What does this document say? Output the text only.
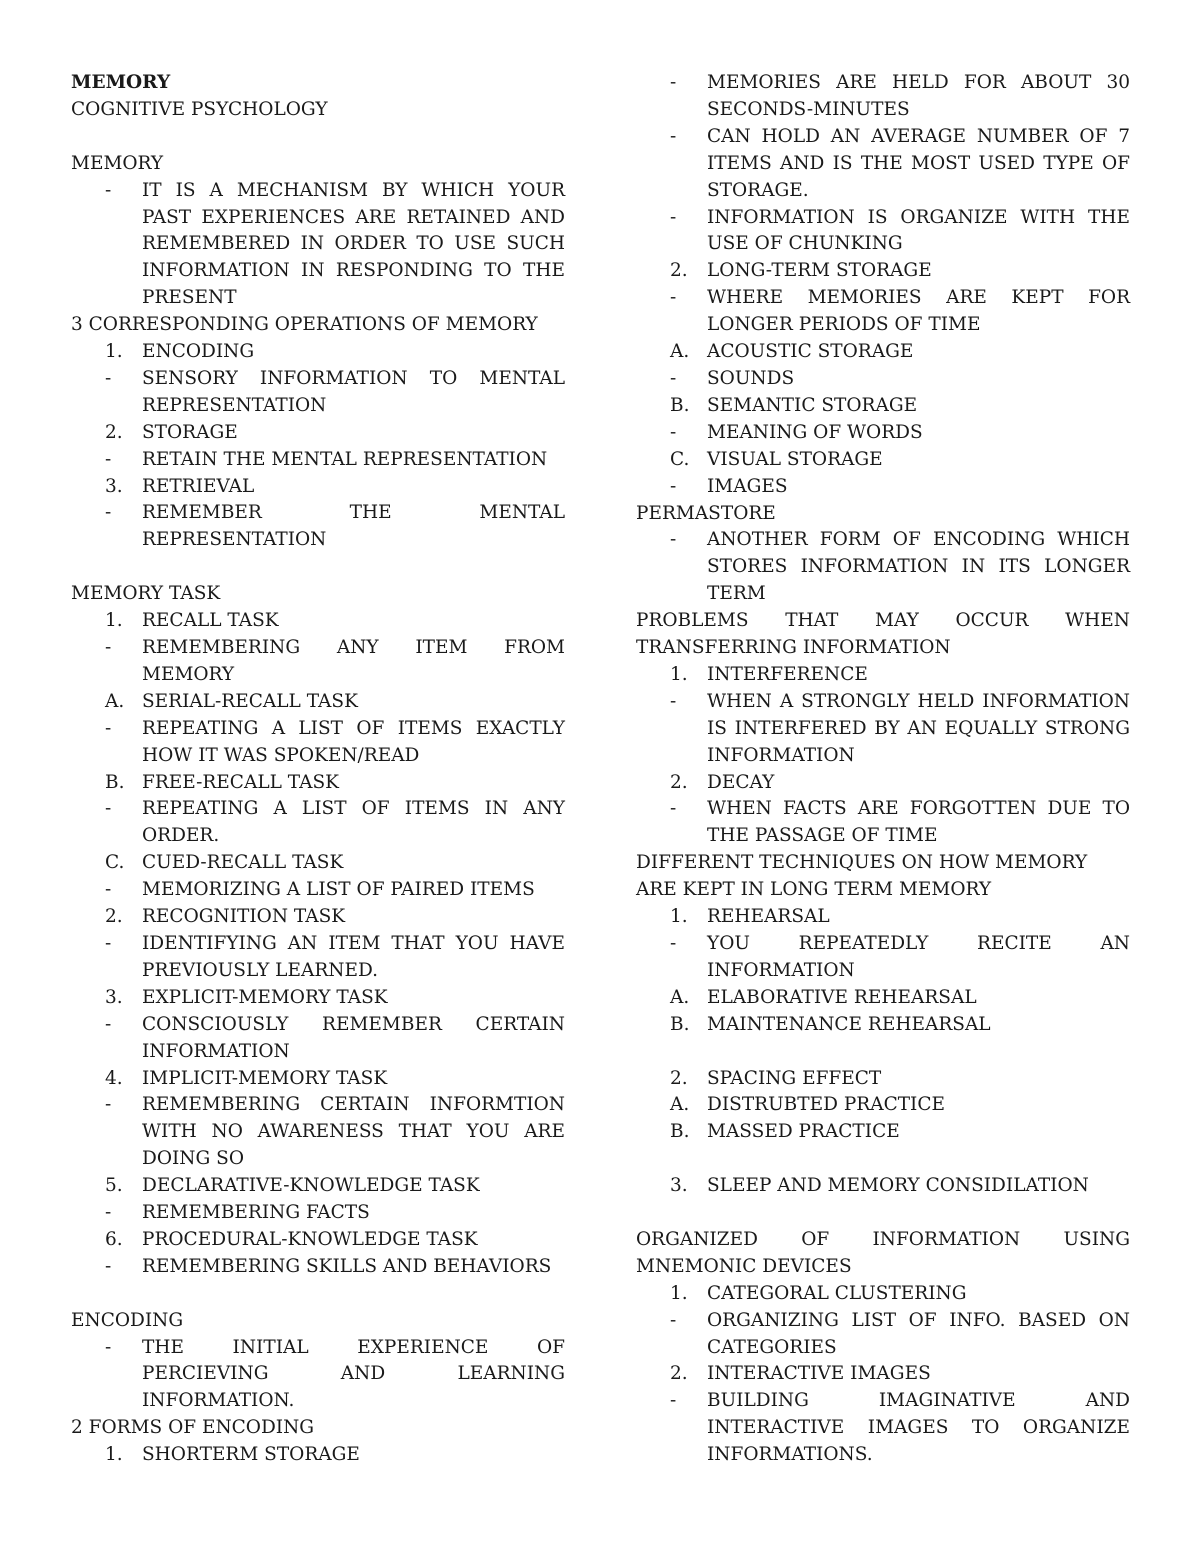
MEMORY
COGNITIVE PSYCHOLOGY
MEMORY
-	IT IS A MECHANISM BY WHICH YOUR PAST EXPERIENCES ARE RETAINED AND REMEMBERED IN ORDER TO USE SUCH INFORMATION IN RESPONDING TO THE PRESENT
3 CORRESPONDING OPERATIONS OF MEMORY
1.	ENCODING
-	SENSORY INFORMATION TO MENTAL REPRESENTATION
2.	STORAGE
-	RETAIN THE MENTAL REPRESENTATION
3.	RETRIEVAL
-	REMEMBER THE MENTAL REPRESENTATION
MEMORY TASK
1.	RECALL TASK
-	REMEMBERING ANY ITEM FROM MEMORY
A. SERIAL-RECALL TASK
-	REPEATING A LIST OF ITEMS EXACTLY HOW IT WAS SPOKEN/READ
B. FREE-RECALL TASK
-	REPEATING A LIST OF ITEMS IN ANY ORDER.
C. CUED-RECALL TASK
-	MEMORIZING A LIST OF PAIRED ITEMS
2.	RECOGNITION TASK
-	IDENTIFYING AN ITEM THAT YOU HAVE PREVIOUSLY LEARNED.
3.	EXPLICIT-MEMORY TASK
-	CONSCIOUSLY REMEMBER CERTAIN INFORMATION
4.	IMPLICIT-MEMORY TASK
-	REMEMBERING CERTAIN INFORMTION WITH NO AWARENESS THAT YOU ARE DOING SO
5.	DECLARATIVE-KNOWLEDGE TASK
-	REMEMBERING FACTS
6.	PROCEDURAL-KNOWLEDGE TASK
-	REMEMBERING SKILLS AND BEHAVIORS
ENCODING
-	THE INITIAL EXPERIENCE OF PERCIEVING AND LEARNING INFORMATION.
2 FORMS OF ENCODING
1.	SHORTERM STORAGE
-	MEMORIES ARE HELD FOR ABOUT 30 SECONDS-MINUTES
-	CAN HOLD AN AVERAGE NUMBER OF 7 ITEMS AND IS THE MOST USED TYPE OF STORAGE.
-	INFORMATION IS ORGANIZE WITH THE USE OF CHUNKING
2.	LONG-TERM STORAGE
-	WHERE MEMORIES ARE KEPT FOR LONGER PERIODS OF TIME
A. ACOUSTIC STORAGE
-	SOUNDS
B. SEMANTIC STORAGE
-	MEANING OF WORDS
C. VISUAL STORAGE
-	IMAGES
PERMASTORE
-	ANOTHER FORM OF ENCODING WHICH STORES INFORMATION IN ITS LONGER TERM
PROBLEMS THAT MAY OCCUR WHEN TRANSFERRING INFORMATION
1.	INTERFERENCE
-	WHEN A STRONGLY HELD INFORMATION IS INTERFERED BY AN EQUALLY STRONG INFORMATION
2.	DECAY
-	WHEN FACTS ARE FORGOTTEN DUE TO THE PASSAGE OF TIME
DIFFERENT TECHNIQUES ON HOW MEMORY ARE KEPT IN LONG TERM MEMORY
1.	REHEARSAL
-	YOU REPEATEDLY RECITE AN INFORMATION
A. ELABORATIVE REHEARSAL
B. MAINTENANCE REHEARSAL
2.	SPACING EFFECT
A. DISTRUBTED PRACTICE
B. MASSED PRACTICE
3.	SLEEP AND MEMORY CONSIDILATION
ORGANIZED OF INFORMATION USING MNEMONIC DEVICES
1.	CATEGORAL CLUSTERING
-	ORGANIZING LIST OF INFO. BASED ON CATEGORIES
2.	INTERACTIVE IMAGES
-	BUILDING IMAGINATIVE AND INTERACTIVE IMAGES TO ORGANIZE INFORMATIONS.
